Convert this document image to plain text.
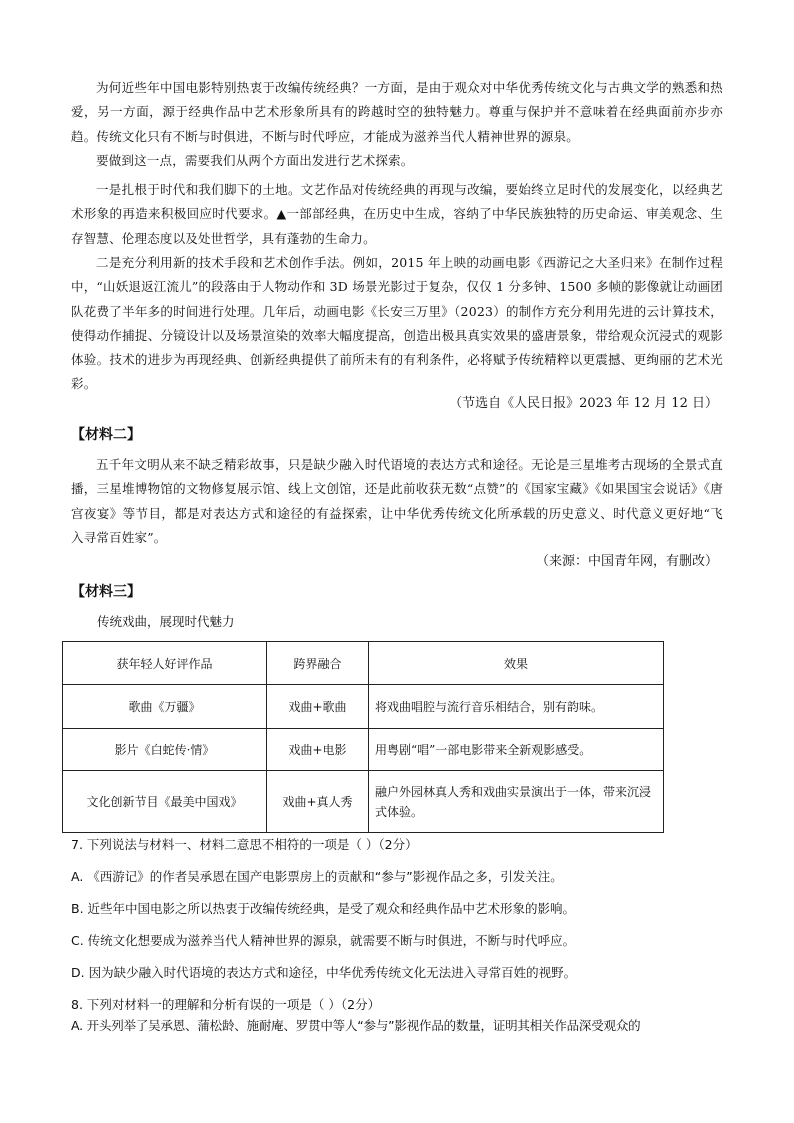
为何近些年中国电影特别热衷于改编传统经典？一方面，是由于观众对中华优秀传统文化与古典文学的熟悉和热爱，另一方面，源于经典作品中艺术形象所具有的跨越时空的独特魅力。尊重与保护并不意味着在经典面前亦步亦趋。传统文化只有不断与时俱进，不断与时代呼应，才能成为滋养当代人精神世界的源泉。

要做到这一点，需要我们从两个方面出发进行艺术探索。

一是扎根于时代和我们脚下的土地。文艺作品对传统经典的再现与改编，要始终立足时代的发展变化，以经典艺术形象的再造来积极回应时代要求。▲一部部经典，在历史中生成，容纳了中华民族独特的历史命运、审美观念、生存智慧、伦理态度以及处世哲学，具有蓬勃的生命力。

二是充分利用新的技术手段和艺术创作手法。例如，2015 年上映的动画电影《西游记之大圣归来》在制作过程中，“山妖退返江流儿”的段落由于人物动作和 3D 场景光影过于复杂，仅仅 1 分多钟、1500 多帧的影像就让动画团队花费了半年多的时间进行处理。几年后，动画电影《长安三万里》（2023）的制作方充分利用先进的云计算技术，使得动作捕捉、分镜设计以及场景渲染的效率大幅度提高，创造出极具真实效果的盛唐景象，带给观众沉浸式的观影体验。技术的进步为再现经典、创新经典提供了前所未有的有利条件，必将赋予传统精粹以更震撼、更绚丽的艺术光彩。

（节选自《人民日报》2023 年 12 月 12 日）

【材料二】

五千年文明从来不缺乏精彩故事，只是缺少融入时代语境的表达方式和途径。无论是三星堆考古现场的全景式直播，三星堆博物馆的文物修复展示馆、线上文创馆，还是此前收获无数“点赞”的《国家宝藏》《如果国宝会说话》《唐宫夜宴》等节目，都是对表达方式和途径的有益探索，让中华优秀传统文化所承载的历史意义、时代意义更好地“飞入寻常百姓家”。

（来源：中国青年网，有删改）

【材料三】

传统戏曲，展现时代魅力

获年轻人好评作品	跨界融合	效果
歌曲《万疆》	戏曲+歌曲	将戏曲唱腔与流行音乐相结合，别有韵味。
影片《白蛇传·情》	戏曲+电影	用粤剧“唱”一部电影带来全新观影感受。
文化创新节目《最美中国戏》	戏曲+真人秀	融户外园林真人秀和戏曲实景演出于一体，带来沉浸式体验。

7. 下列说法与材料一、材料二意思不相符的一项是（ ）（2分）

A. 《西游记》的作者吴承恩在国产电影票房上的贡献和“参与”影视作品之多，引发关注。

B. 近些年中国电影之所以热衷于改编传统经典，是受了观众和经典作品中艺术形象的影响。

C. 传统文化想要成为滋养当代人精神世界的源泉，就需要不断与时俱进，不断与时代呼应。

D. 因为缺少融入时代语境的表达方式和途径，中华优秀传统文化无法进入寻常百姓的视野。

8. 下列对材料一的理解和分析有误的一项是（ ）（2分）

A. 开头列举了吴承恩、蒲松龄、施耐庵、罗贯中等人“参与”影视作品的数量，证明其相关作品深受观众的
